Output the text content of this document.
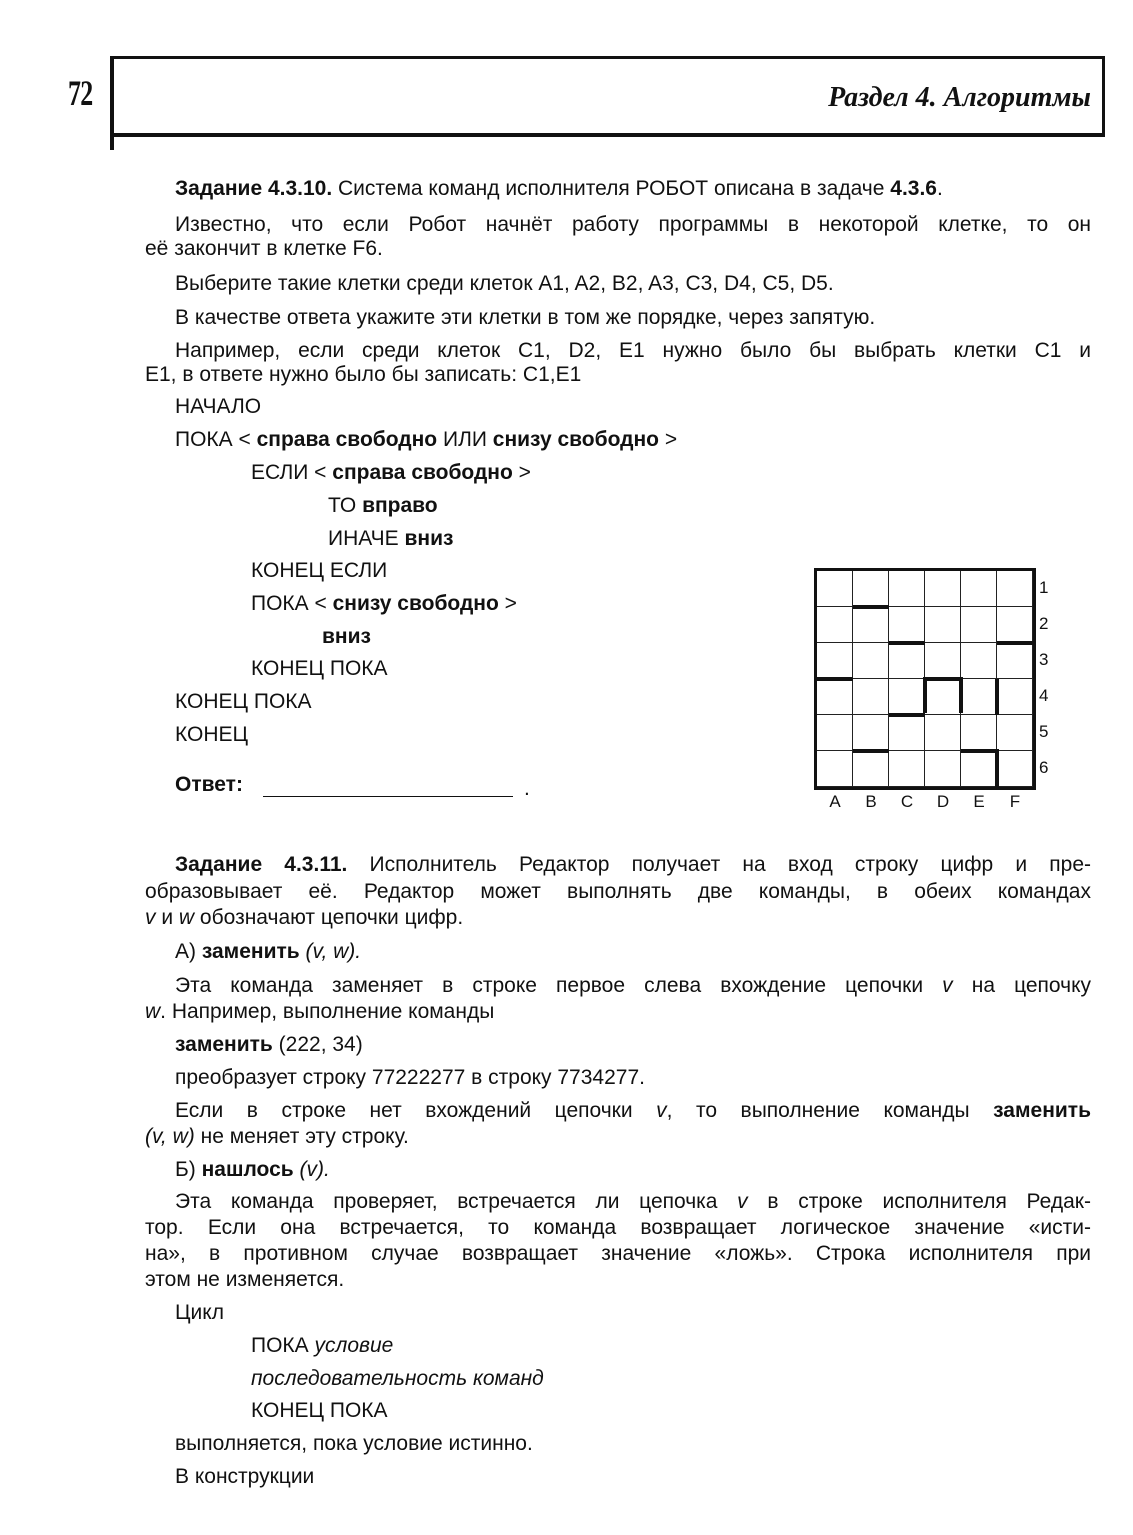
72	Раздел 4. Алгоритмы

Задание 4.3.10. Система команд исполнителя РОБОТ описана в задаче 4.3.6.

Известно, что если Робот начнёт работу программы в некоторой клетке, то он

её закончит в клетке F6.

Выберите такие клетки среди клеток A1, A2, B2, A3, C3, D4, C5, D5.

В качестве ответа укажите эти клетки в том же порядке, через запятую.

Например, если среди клеток C1, D2, E1 нужно было бы выбрать клетки C1 и

E1, в ответе нужно было бы записать: C1,E1

НАЧАЛО

ПОКА < справа свободно ИЛИ снизу свободно >

ЕСЛИ < справа свободно >

ТО вправо

ИНАЧЕ вниз

КОНЕЦ ЕСЛИ

ПОКА < снизу свободно >

вниз

КОНЕЦ ПОКА

КОНЕЦ ПОКА

КОНЕЦ

Ответ:	.

1
2
3
4
5
6
A B C D E F

Задание 4.3.11. Исполнитель Редактор получает на вход строку цифр и пре-

образовывает её. Редактор может выполнять две команды, в обеих командах

v и w обозначают цепочки цифр.

А) заменить (v, w).

Эта команда заменяет в строке первое слева вхождение цепочки v на цепочку

w. Например, выполнение команды

заменить (222, 34)

преобразует строку 77222277 в строку 7734277.

Если в строке нет вхождений цепочки v, то выполнение команды заменить

(v, w) не меняет эту строку.

Б) нашлось (v).

Эта команда проверяет, встречается ли цепочка v в строке исполнителя Редак-

тор. Если она встречается, то команда возвращает логическое значение «исти-

на», в противном случае возвращает значение «ложь». Строка исполнителя при

этом не изменяется.

Цикл

ПОКА условие

последовательность команд

КОНЕЦ ПОКА

выполняется, пока условие истинно.

В конструкции
